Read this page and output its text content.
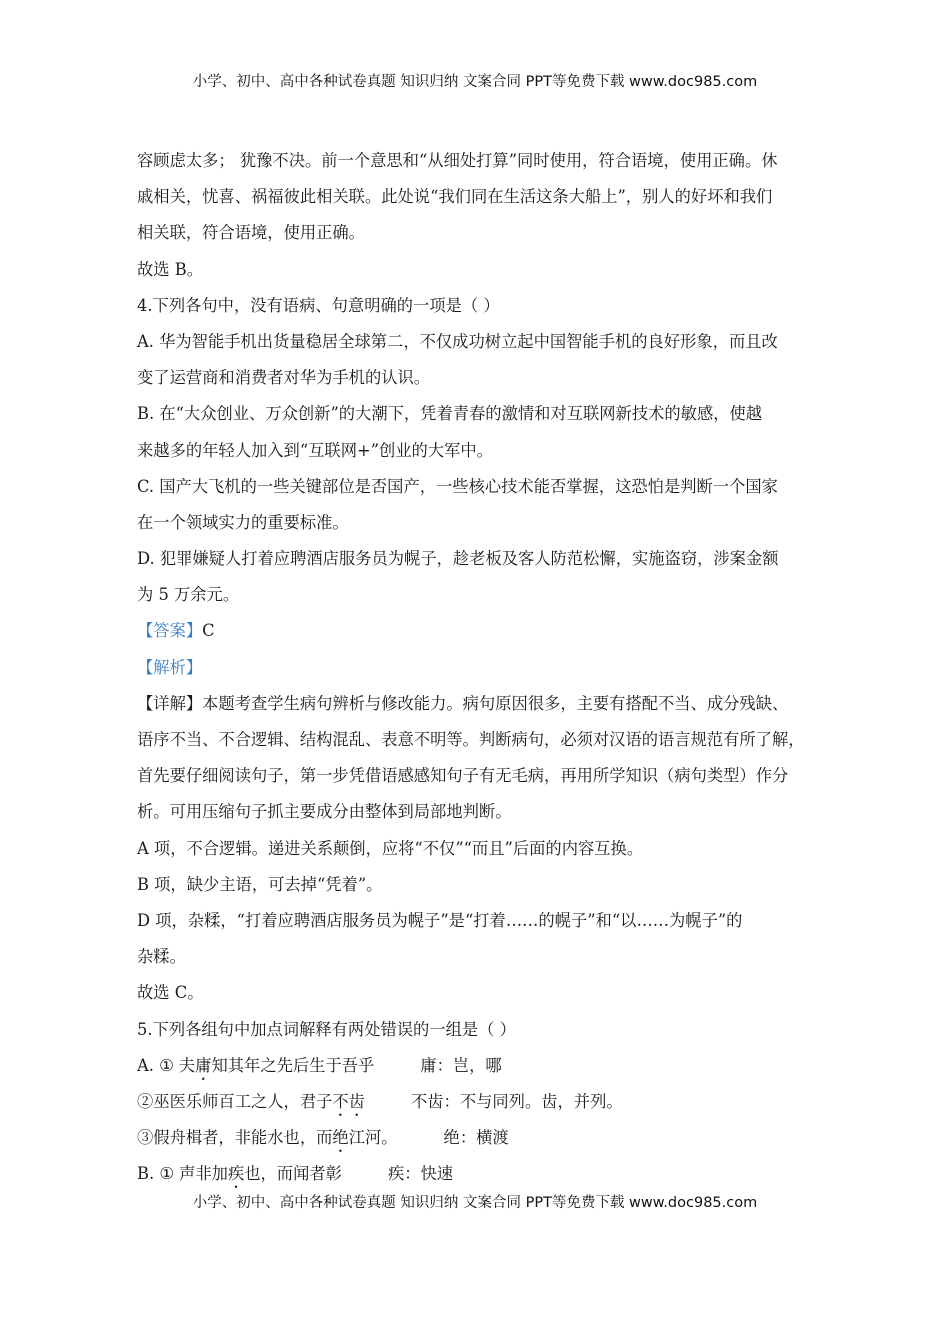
小学、初中、高中各种试卷真题 知识归纳 文案合同 PPT等免费下载 www.doc985.com
容顾虑太多； 犹豫不决。前一个意思和“从细处打算”同时使用，符合语境，使用正确。休
戚相关，忧喜、祸福彼此相关联。此处说“我们同在生活这条大船上”，别人的好坏和我们
相关联，符合语境，使用正确。
故选 B。
4.下列各句中，没有语病、句意明确的一项是（ ）
A. 华为智能手机出货量稳居全球第二，不仅成功树立起中国智能手机的良好形象，而且改
变了运营商和消费者对华为手机的认识。
B. 在“大众创业、万众创新”的大潮下，凭着青春的激情和对互联网新技术的敏感，使越
来越多的年轻人加入到“互联网+”创业的大军中。
C. 国产大飞机的一些关键部位是否国产，一些核心技术能否掌握，这恐怕是判断一个国家
在一个领域实力的重要标准。
D. 犯罪嫌疑人打着应聘酒店服务员为幌子，趁老板及客人防范松懈，实施盗窃，涉案金额
为 5 万余元。
【答案】C
【解析】
【详解】本题考查学生病句辨析与修改能力。病句原因很多，主要有搭配不当、成分残缺、
语序不当、不合逻辑、结构混乱、表意不明等。判断病句，必须对汉语的语言规范有所了解，
首先要仔细阅读句子，第一步凭借语感感知句子有无毛病，再用所学知识（病句类型）作分
析。可用压缩句子抓主要成分由整体到局部地判断。
A 项，不合逻辑。递进关系颠倒，应将“不仅”“而且”后面的内容互换。
B 项，缺少主语，可去掉“凭着”。
D 项，杂糅，“打着应聘酒店服务员为幌子”是“打着……的幌子”和“以……为幌子”的
杂糅。
故选 C。
5.下列各组句中加点词解释有两处错误的一组是（ ）
A. ① 夫庸知其年之先后生于吾乎	庸：岂，哪
②巫医乐师百工之人，君子不齿	不齿：不与同列。齿，并列。
③假舟楫者，非能水也，而绝江河。	绝：横渡
B. ① 声非加疾也，而闻者彰	疾：快速
小学、初中、高中各种试卷真题 知识归纳 文案合同 PPT等免费下载 www.doc985.com
